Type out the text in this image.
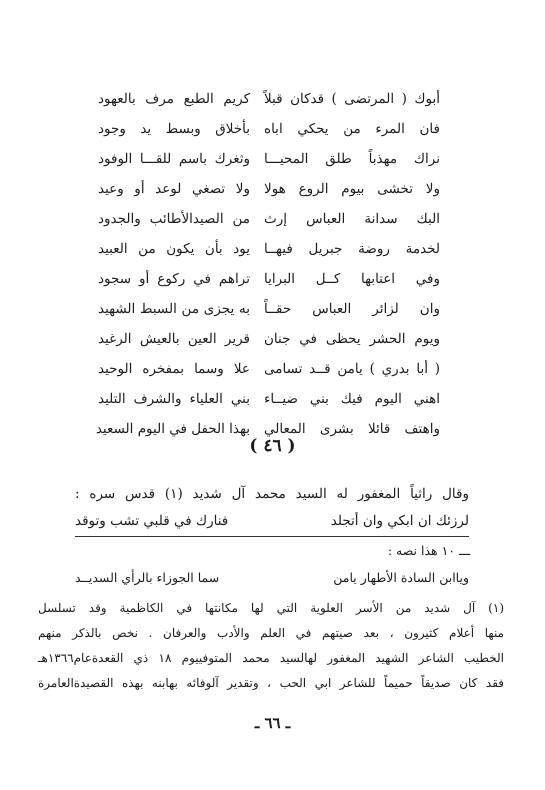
أبوك ( المرتضى ) قدكان قبلاً
كريم الطبع مرف بالعهود
فان المرء من يحكي اباه
بأخلاق وبسط يد وجود
نراك مهذباً طلق المحيـــا
وثغرك باسم للقـــا الوفود
ولا تخشى بيوم الروع هولا
ولا تصغي لوعد أو وعيد
البك سدانة العباس إرث
من الصيدالأطائب والجدود
لخدمة روضة جبريل فيهــا
يود بأن يكون من العبيد
وفي اعتابها كــل البرايا
تراهم في ركوع أو سجود
وان لزائر العباس حقــاً
به يجزى من السبط الشهيد
ويوم الحشر يحظى في جنان
قرير العين بالعيش الرغيد
( أبا بدري ) يامن قــد تسامى
علا وسما بمفخره الوحيد
اهني اليوم فيك بني ضيــاء
بني العلياء والشرف التليد
واهتف قائلا بشرى المعالي
بهذا الحفل في اليوم السعيد
( ٤٦ )
وقال راثياً المغفور له السيد محمد آل شديد (١) قدس سره :
لرزئك ان ابكي وان أتجلد
فنارك في قلبي تشب وتوقد
ـــ ١٠ هذا نصه :
وياابن السادة الأطهار يامن
سما الجوزاء بالرأي السديــد
(١) آل شديد من الأسر العلوية التي لها مكانتها في الكاظمية وقد تسلسل
منها أعلام كثيرون ، بعد صيتهم في العلم والأدب والعرفان . نخص بالذكر منهم
الخطيب الشاعر الشهيد المغفور لهالسيد محمد المتوفييوم ١٨ ذي القعدةعام١٣٦٦هـ
فقد كان صديقاً حميماً للشاعر ابي الحب ، وتقدير آلوفائه بهابنه بهذه القصيدةالعامرة
ـ ٦٦ ـ
